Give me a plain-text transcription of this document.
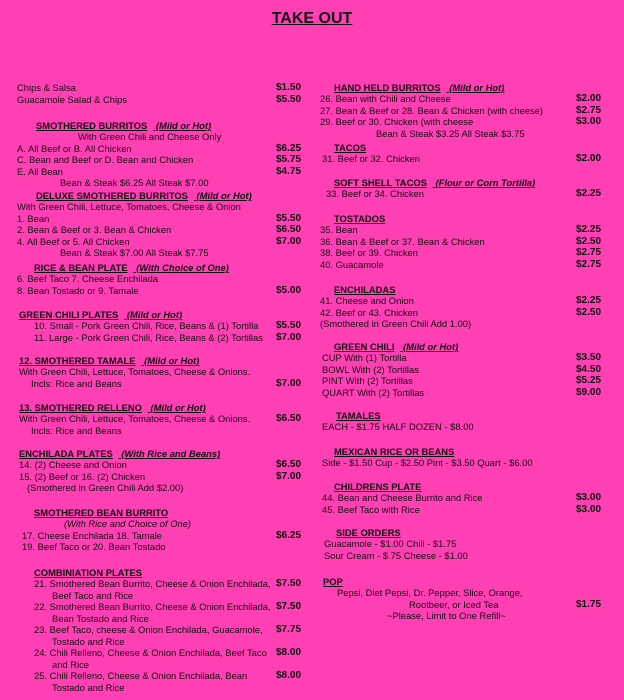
TAKE OUT
Chips & Salsa	$1.50
Guacamole Salad & Chips	$5.50
SMOTHERED BURRITOS (Mild or Hot)
With Green Chili and Cheese Only
A. All Beef or B. All Chicken	$6.25
C. Bean and Beef or D. Bean and Chicken	$5.75
E. All Bean	$4.75
Bean & Steak $6.25 All Steak $7.00
DELUXE SMOTHERED BURRITOS (Mild or Hot)
With Green Chili, Lettuce, Tomatoes, Cheese & Onion
1. Bean	$5.50
2. Bean & Beef or 3. Bean & Chicken	$6.50
4. All Beef or 5. All Chicken	$7.00
Bean & Steak $7.00 All Steak $7.75
RICE & BEAN PLATE (With Choice of One)
6. Beef Taco 7. Cheese Enchilada
8. Bean Tostado or 9. Tamale	$5.00
GREEN CHILI PLATES (Mild or Hot)
10. Small - Pork Green Chili, Rice, Beans & (1) Tortilla $5.50
11. Large - Pork Green Chili, Rice, Beans & (2) Tortillas $7.00
12. SMOTHERED TAMALE (Mild or Hot)
With Green Chili, Lettuce, Tomatoes, Cheese & Onions.
Incls: Rice and Beans	$7.00
13. SMOTHERED RELLENO (Mild or Hot)
With Green Chili, Lettuce, Tomatoes, Cheese & Onions.	$6.50
Incls: Rice and Beans
ENCHILADA PLATES (With Rice and Beans)
14. (2) Cheese and Onion	$6.50
15. (2) Beef or 16. (2) Chicken	$7.00
(Smothered in Green Chili Add $2.00)
SMOTHERED BEAN BURRITO
(With Rice and Choice of One)
17. Cheese Enchilada 18. Tamale	$6.25
19. Beef Taco or 20. Bean Tostado
COMBINIATION PLATES
21. Smothered Bean Burrito, Cheese & Onion Enchilada, $7.50
Beef Taco and Rice
22. Smothered Bean Burrito, Cheese & Onion Enchilada, $7.50
Bean Tostado and Rice
23. Beef Taco, cheese & Onion Enchilada, Guacamole, $7.75
Tostado and Rice
24. Chili Relleno, Cheese & Onion Enchilada, Beef Taco $8.00
and Rice
25. Chili Relleno, Cheese & Onion Enchilada, Bean	$8.00
Tostado and Rice
HAND HELD BURRITOS (Mild or Hot)
26. Bean with Chili and Cheese	$2.00
27. Bean & Beef or 28. Bean & Chicken (with cheese)	$2.75
29. Beef or 30. Chicken (with cheese	$3.00
Bean & Steak $3.25 All Steak $3.75
TACOS
31. Beef or 32. Chicken	$2.00
SOFT SHELL TACOS (Flour or Corn Tortilla)
33. Beef or 34. Chicken	$2.25
TOSTADOS
35. Bean	$2.25
36. Bean & Beef or 37. Bean & Chicken	$2.50
38. Beef or 39. Chicken	$2.75
40. Guacamole	$2.75
ENCHILADAS
41. Cheese and Onion	$2.25
42. Beef or 43. Chicken	$2.50
(Smothered in Green Chili Add 1.00)
GREEN CHILI (Mild or Hot)
CUP With (1) Tortilla	$3.50
BOWL With (2) Tortillas	$4.50
PINT With (2) Tortillas	$5.25
QUART With (2) Tortillas	$9.00
TAMALES
EACH - $1.75 HALF DOZEN - $8.00
MEXICAN RICE OR BEANS
Side - $1.50 Cup - $2.50 Pint - $3.50 Quart - $6.00
CHILDRENS PLATE
44. Bean and Cheese Burrito and Rice	$3.00
45. Beef Taco with Rice	$3.00
SIDE ORDERS
Guacamole - $1.00 Chili - $1.75
Sour Cream - $.75 Cheese - $1.00
POP
Pepsi, Diet Pepsi, Dr. Pepper, Slice, Orange,
Rootbeer, or Iced Tea	$1.75
~Please, Limit to One Refill~
